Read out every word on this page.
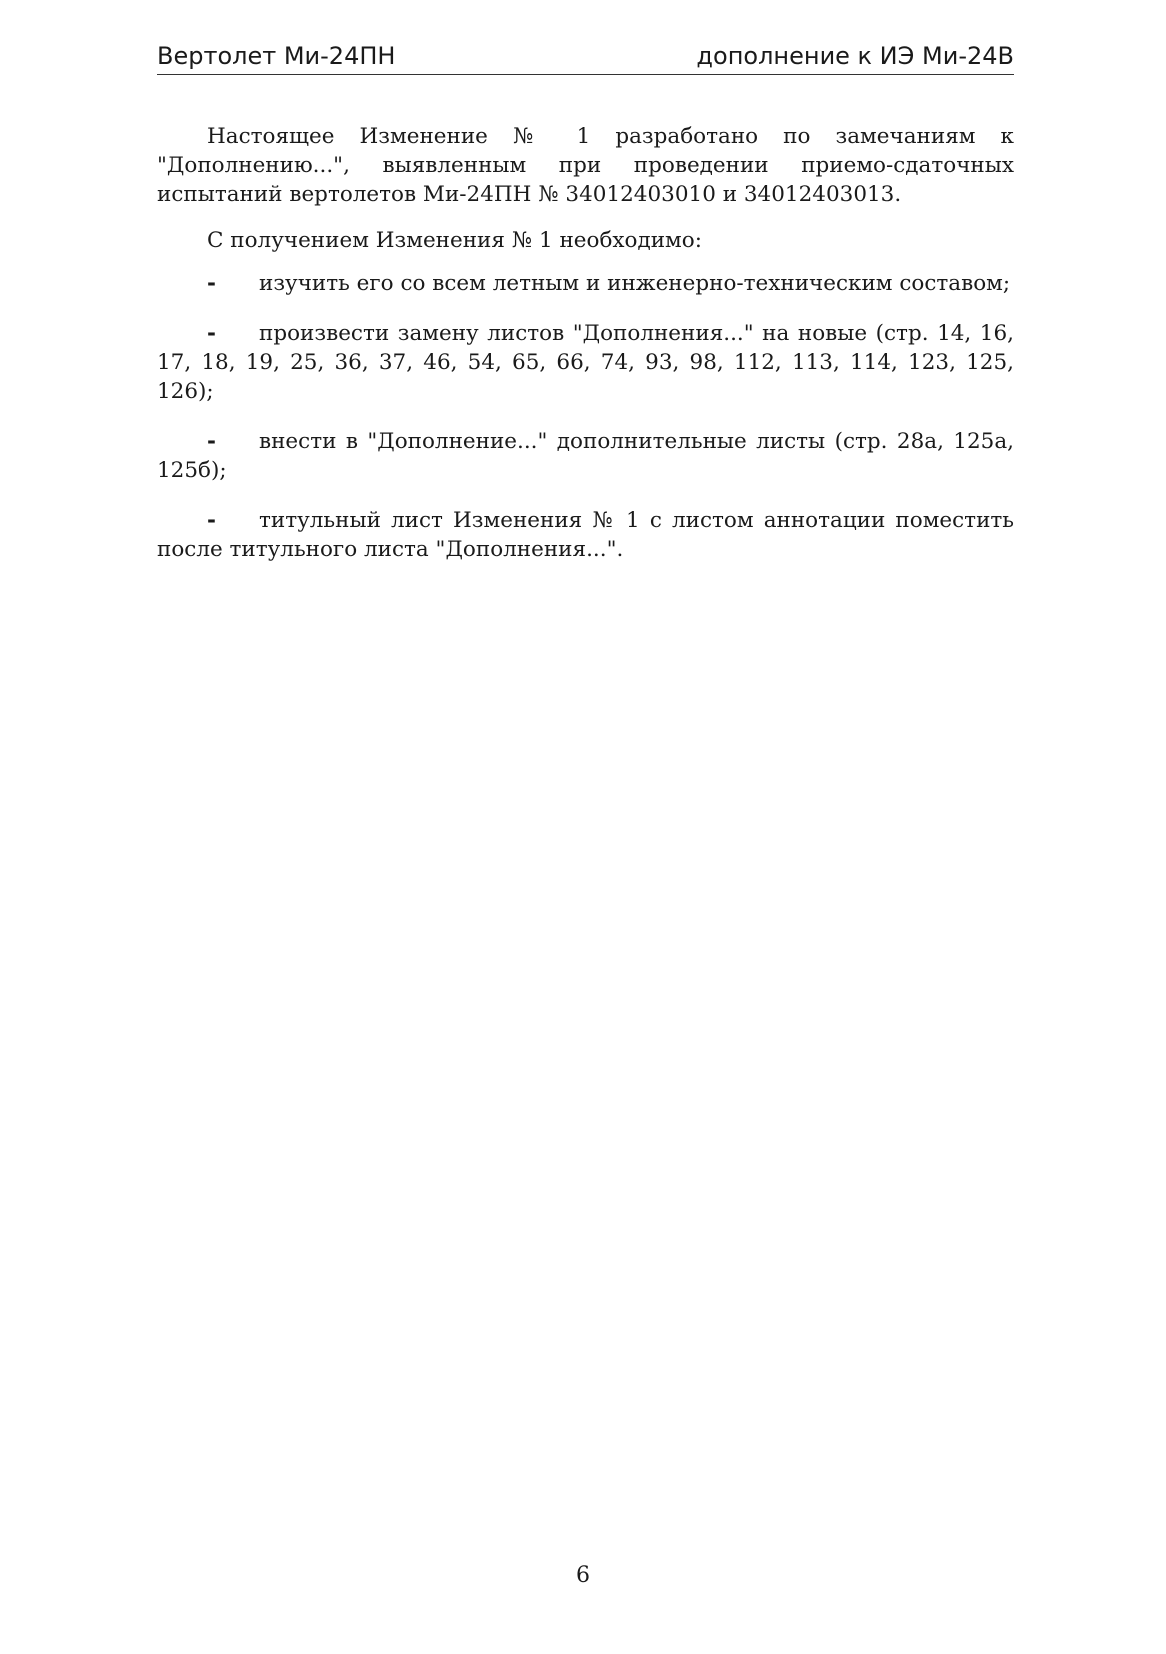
Вертолет Ми-24ПН	дополнение к ИЭ Ми-24В

Настоящее Изменение № 1 разработано по замечаниям к "Дополнению...", выявленным при проведении приемо-сдаточных испытаний вертолетов Ми-24ПН № 34012403010 и 34012403013.

С получением Изменения № 1 необходимо:

- изучить его со всем летным и инженерно-техническим составом;

- произвести замену листов "Дополнения..." на новые (стр. 14, 16, 17, 18, 19, 25, 36, 37, 46, 54, 65, 66, 74, 93, 98, 112, 113, 114, 123, 125, 126);

- внести в "Дополнение..." дополнительные листы (стр. 28а, 125а, 125б);

- титульный лист Изменения № 1 с листом аннотации поместить после титульного листа "Дополнения...".

6
